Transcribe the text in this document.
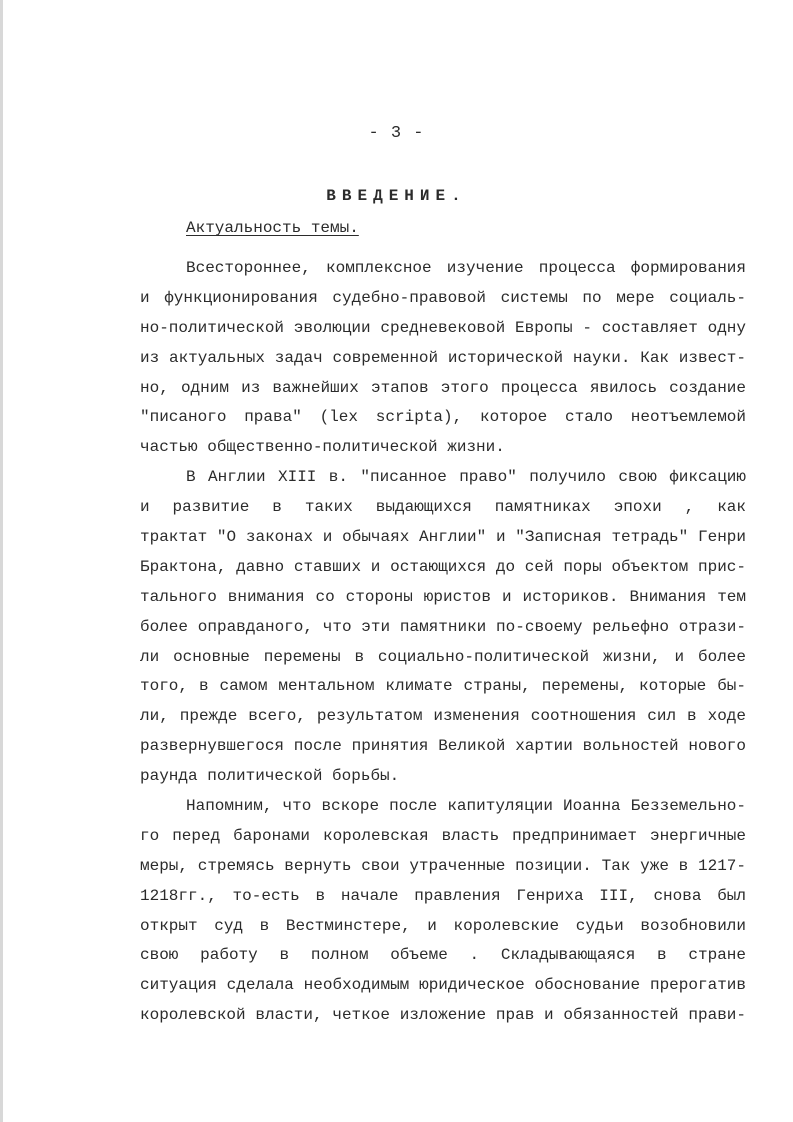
- 3 -
ВВЕДЕНИЕ.
Актуальность темы.
Всестороннее, комплексное изучение процесса формирования
и функционирования судебно-правовой системы по мере социаль-
но-политической эволюции средневековой Европы - составляет одну
из актуальных задач современной исторической науки. Как извест-
но, одним из важнейших этапов этого процесса явилось создание
"писаного права" (lex scripta), которое стало неотъемлемой
частью общественно-политической жизни.
В Англии XIII в. "писанное право" получило свою фиксацию
и развитие в таких выдающихся памятниках эпохи , как
трактат "О законах и обычаях Англии" и "Записная тетрадь" Генри
Брактона, давно ставших и остающихся до сей поры объектом прис-
тального внимания со стороны юристов и историков. Внимания тем
более оправданого, что эти памятники по-своему рельефно отрази-
ли основные перемены в социально-политической жизни, и более
того, в самом ментальном климате страны, перемены, которые бы-
ли, прежде всего, результатом изменения соотношения сил в ходе
развернувшегося после принятия Великой хартии вольностей нового
раунда политической борьбы.
Напомним, что вскоре после капитуляции Иоанна Безземельно-
го перед баронами королевская власть предпринимает энергичные
меры, стремясь вернуть свои утраченные позиции. Так уже в 1217-
1218гг., то-есть в начале правления Генриха III, снова был
открыт суд в Вестминстере, и королевские судьи возобновили
свою работу в полном объеме . Складывающаяся в стране
ситуация сделала необходимым юридическое обоснование прерогатив
королевской власти, четкое изложение прав и обязанностей прави-
